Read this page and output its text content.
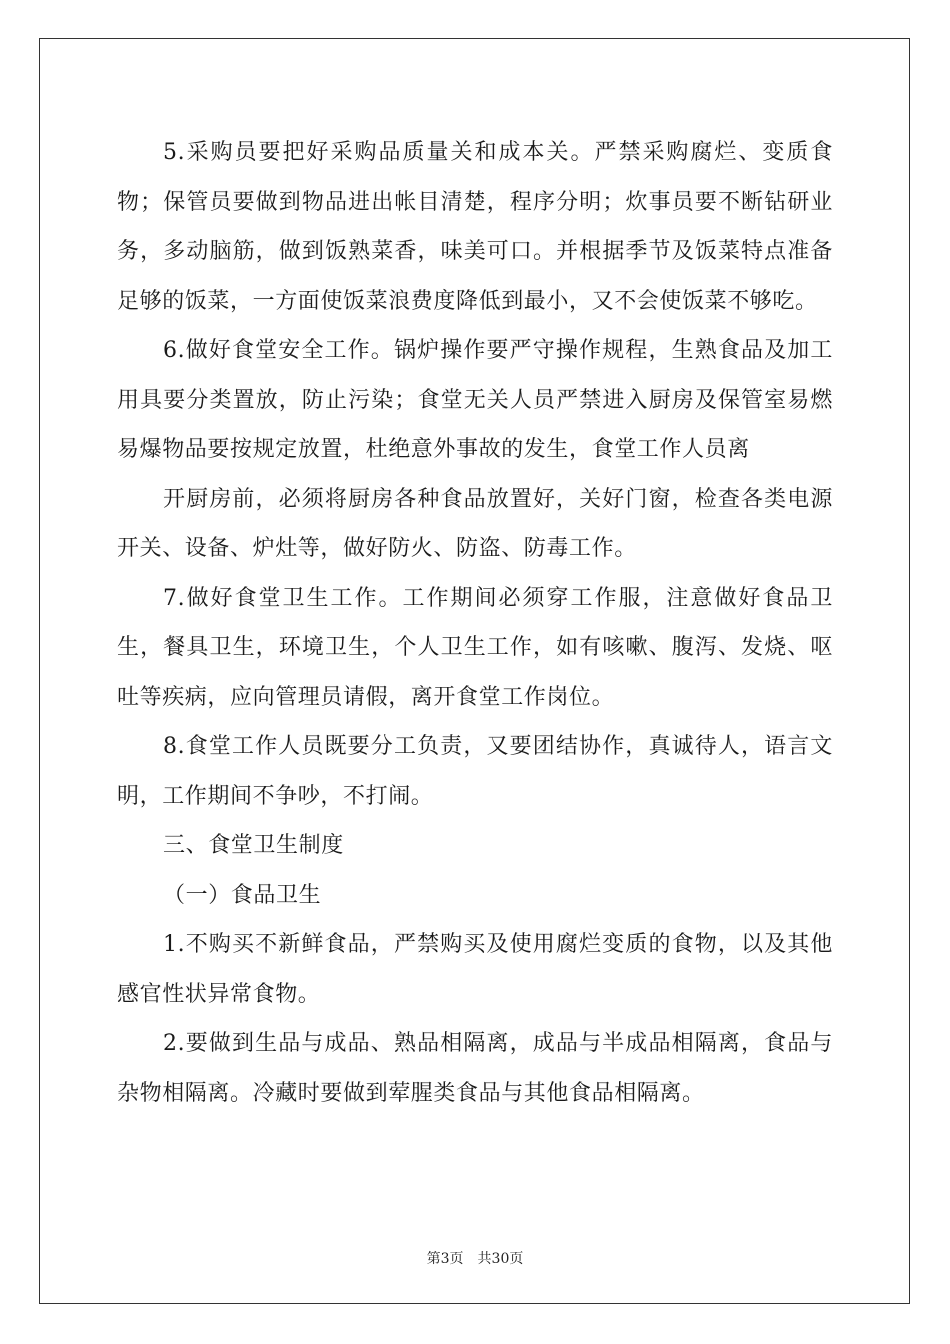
5.采购员要把好采购品质量关和成本关。严禁采购腐烂、变质食物；保管员要做到物品进出帐目清楚，程序分明；炊事员要不断钻研业务，多动脑筋，做到饭熟菜香，味美可口。并根据季节及饭菜特点准备足够的饭菜，一方面使饭菜浪费度降低到最小，又不会使饭菜不够吃。

6.做好食堂安全工作。锅炉操作要严守操作规程，生熟食品及加工用具要分类置放，防止污染；食堂无关人员严禁进入厨房及保管室易燃易爆物品要按规定放置，杜绝意外事故的发生，食堂工作人员离

开厨房前，必须将厨房各种食品放置好，关好门窗，检查各类电源开关、设备、炉灶等，做好防火、防盗、防毒工作。

7.做好食堂卫生工作。工作期间必须穿工作服，注意做好食品卫生，餐具卫生，环境卫生，个人卫生工作，如有咳嗽、腹泻、发烧、呕吐等疾病，应向管理员请假，离开食堂工作岗位。

8.食堂工作人员既要分工负责，又要团结协作，真诚待人，语言文明，工作期间不争吵，不打闹。

三、食堂卫生制度

（一）食品卫生

1.不购买不新鲜食品，严禁购买及使用腐烂变质的食物，以及其他感官性状异常食物。

2.要做到生品与成品、熟品相隔离，成品与半成品相隔离，食品与杂物相隔离。冷藏时要做到荤腥类食品与其他食品相隔离。

第3页 共30页
